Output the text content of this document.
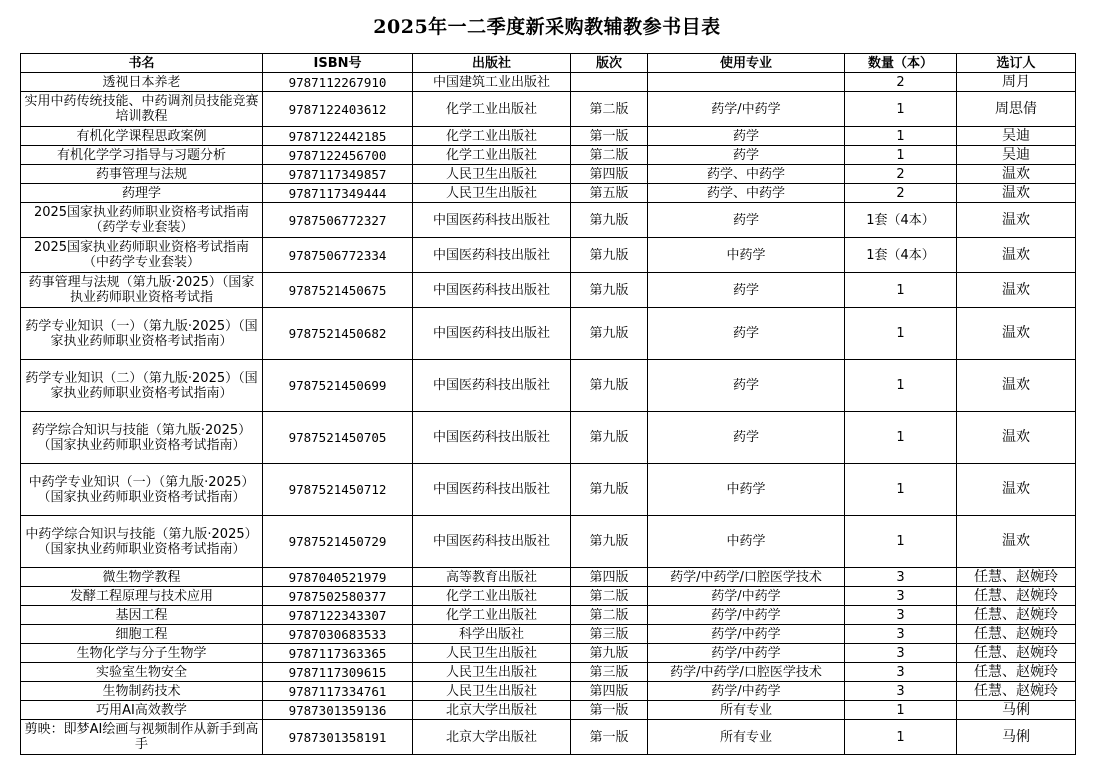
2025年一二季度新采购教辅教参书目表
书名	ISBN号	出版社	版次	使用专业	数量（本）	选订人
透视日本养老	9787112267910	中国建筑工业出版社			2	周月
实用中药传统技能、中药调剂员技能竞赛培训教程	9787122403612	化学工业出版社	第二版	药学/中药学	1	周思倩
有机化学课程思政案例	9787122442185	化学工业出版社	第一版	药学	1	吴迪
有机化学学习指导与习题分析	9787122456700	化学工业出版社	第二版	药学	1	吴迪
药事管理与法规	9787117349857	人民卫生出版社	第四版	药学、中药学	2	温欢
药理学	9787117349444	人民卫生出版社	第五版	药学、中药学	2	温欢
2025国家执业药师职业资格考试指南（药学专业套装）	9787506772327	中国医药科技出版社	第九版	药学	1套（4本）	温欢
2025国家执业药师职业资格考试指南（中药学专业套装）	9787506772334	中国医药科技出版社	第九版	中药学	1套（4本）	温欢
药事管理与法规（第九版·2025）（国家执业药师职业资格考试指	9787521450675	中国医药科技出版社	第九版	药学	1	温欢
药学专业知识（一）（第九版·2025）（国家执业药师职业资格考试指南）	9787521450682	中国医药科技出版社	第九版	药学	1	温欢
药学专业知识（二）（第九版·2025）（国家执业药师职业资格考试指南）	9787521450699	中国医药科技出版社	第九版	药学	1	温欢
药学综合知识与技能（第九版·2025）（国家执业药师职业资格考试指南）	9787521450705	中国医药科技出版社	第九版	药学	1	温欢
中药学专业知识（一）（第九版·2025）（国家执业药师职业资格考试指南）	9787521450712	中国医药科技出版社	第九版	中药学	1	温欢
中药学综合知识与技能（第九版·2025）（国家执业药师职业资格考试指南）	9787521450729	中国医药科技出版社	第九版	中药学	1	温欢
微生物学教程	9787040521979	高等教育出版社	第四版	药学/中药学/口腔医学技术	3	任慧、赵婉玲
发酵工程原理与技术应用	9787502580377	化学工业出版社	第二版	药学/中药学	3	任慧、赵婉玲
基因工程	9787122343307	化学工业出版社	第二版	药学/中药学	3	任慧、赵婉玲
细胞工程	9787030683533	科学出版社	第三版	药学/中药学	3	任慧、赵婉玲
生物化学与分子生物学	9787117363365	人民卫生出版社	第九版	药学/中药学	3	任慧、赵婉玲
实验室生物安全	9787117309615	人民卫生出版社	第三版	药学/中药学/口腔医学技术	3	任慧、赵婉玲
生物制药技术	9787117334761	人民卫生出版社	第四版	药学/中药学	3	任慧、赵婉玲
巧用AI高效教学	9787301359136	北京大学出版社	第一版	所有专业	1	马俐
剪映：即梦AI绘画与视频制作从新手到高手	9787301358191	北京大学出版社	第一版	所有专业	1	马俐
